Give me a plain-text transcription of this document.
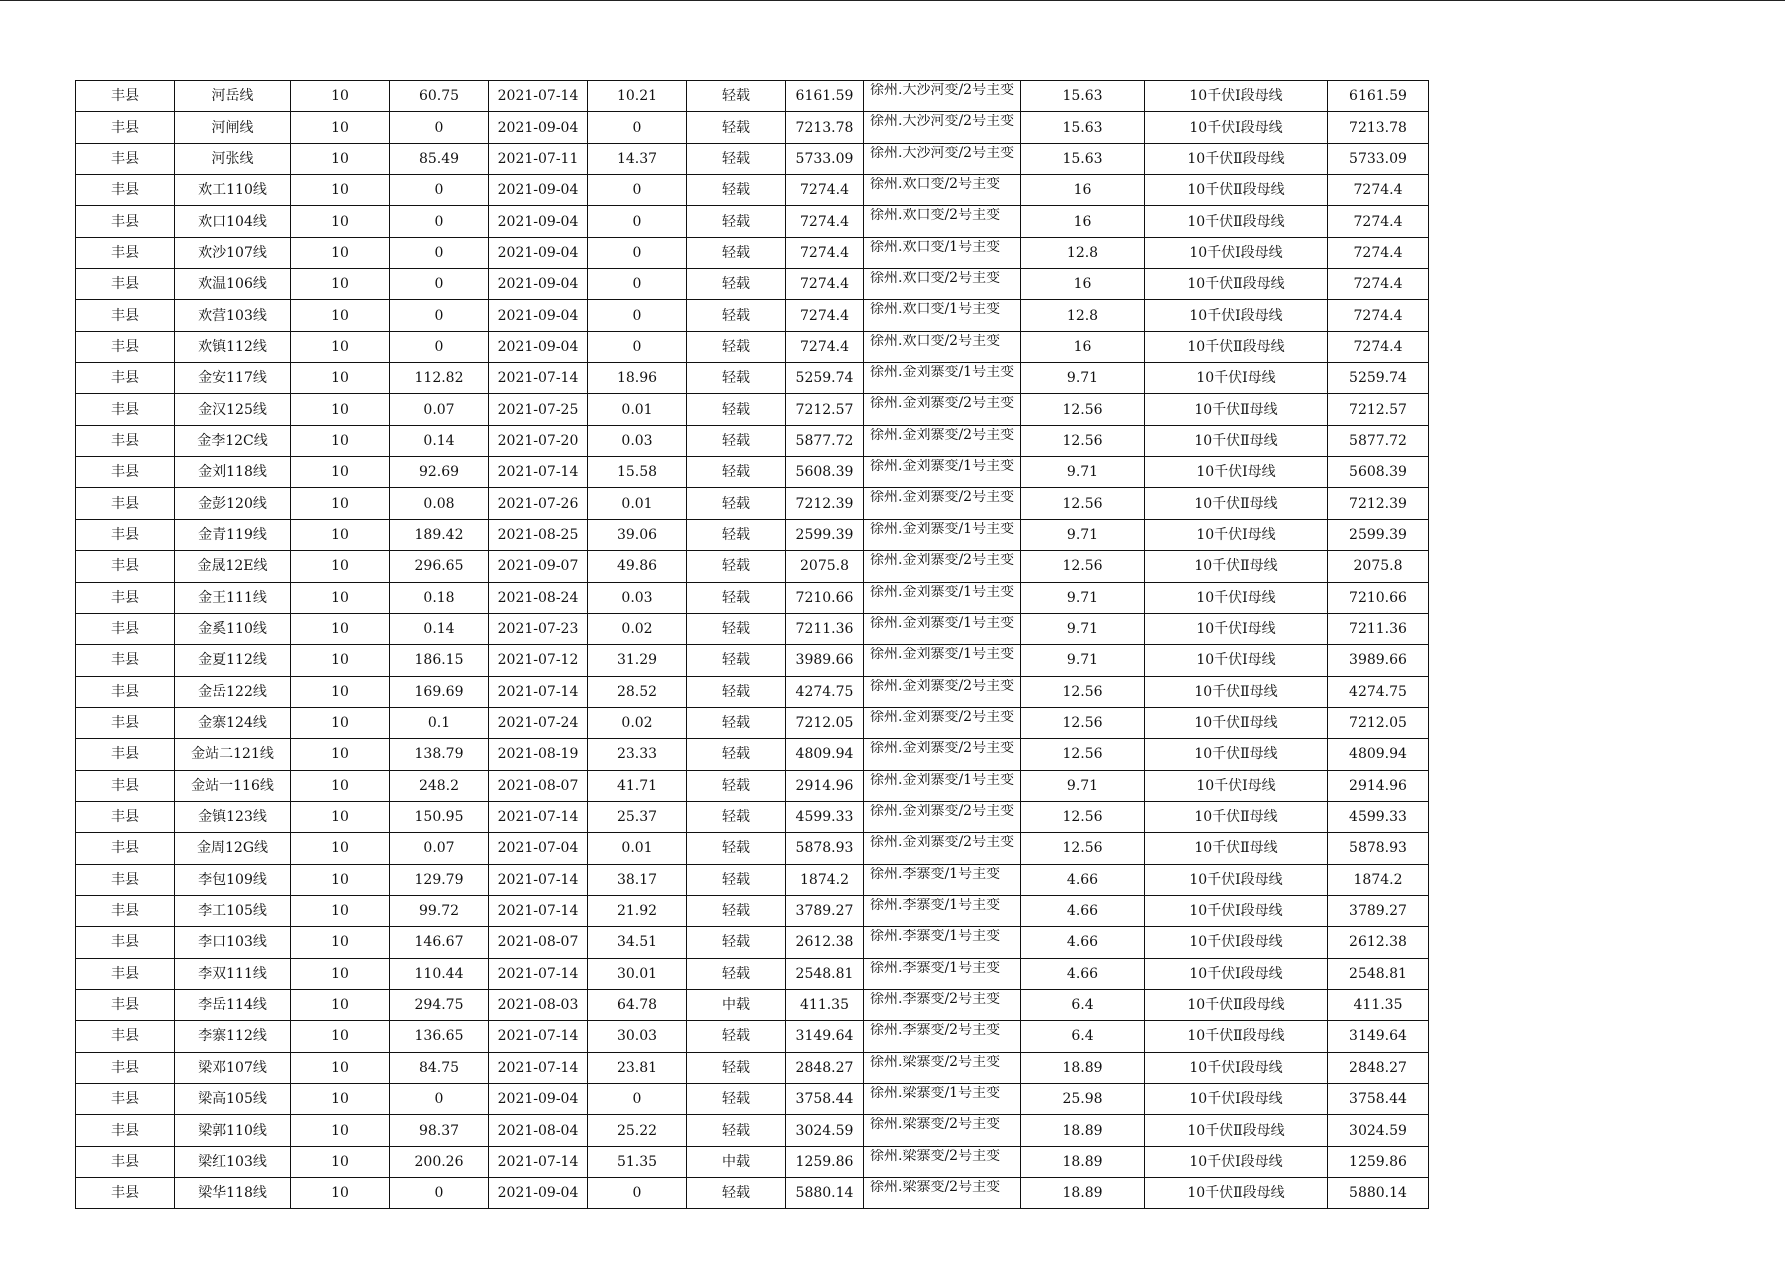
丰县	河岳线	10	60.75	2021-07-14	10.21	轻载	6161.59	徐州.大沙河变/2号主变	15.63	10千伏Ⅰ段母线	6161.59
丰县	河闸线	10	0	2021-09-04	0	轻载	7213.78	徐州.大沙河变/2号主变	15.63	10千伏Ⅰ段母线	7213.78
丰县	河张线	10	85.49	2021-07-11	14.37	轻载	5733.09	徐州.大沙河变/2号主变	15.63	10千伏Ⅱ段母线	5733.09
丰县	欢工110线	10	0	2021-09-04	0	轻载	7274.4	徐州.欢口变/2号主变	16	10千伏Ⅱ段母线	7274.4
丰县	欢口104线	10	0	2021-09-04	0	轻载	7274.4	徐州.欢口变/2号主变	16	10千伏Ⅱ段母线	7274.4
丰县	欢沙107线	10	0	2021-09-04	0	轻载	7274.4	徐州.欢口变/1号主变	12.8	10千伏Ⅰ段母线	7274.4
丰县	欢温106线	10	0	2021-09-04	0	轻载	7274.4	徐州.欢口变/2号主变	16	10千伏Ⅱ段母线	7274.4
丰县	欢营103线	10	0	2021-09-04	0	轻载	7274.4	徐州.欢口变/1号主变	12.8	10千伏Ⅰ段母线	7274.4
丰县	欢镇112线	10	0	2021-09-04	0	轻载	7274.4	徐州.欢口变/2号主变	16	10千伏Ⅱ段母线	7274.4
丰县	金安117线	10	112.82	2021-07-14	18.96	轻载	5259.74	徐州.金刘寨变/1号主变	9.71	10千伏Ⅰ母线	5259.74
丰县	金汉125线	10	0.07	2021-07-25	0.01	轻载	7212.57	徐州.金刘寨变/2号主变	12.56	10千伏Ⅱ母线	7212.57
丰县	金李12C线	10	0.14	2021-07-20	0.03	轻载	5877.72	徐州.金刘寨变/2号主变	12.56	10千伏Ⅱ母线	5877.72
丰县	金刘118线	10	92.69	2021-07-14	15.58	轻载	5608.39	徐州.金刘寨变/1号主变	9.71	10千伏Ⅰ母线	5608.39
丰县	金彭120线	10	0.08	2021-07-26	0.01	轻载	7212.39	徐州.金刘寨变/2号主变	12.56	10千伏Ⅱ母线	7212.39
丰县	金青119线	10	189.42	2021-08-25	39.06	轻载	2599.39	徐州.金刘寨变/1号主变	9.71	10千伏Ⅰ母线	2599.39
丰县	金晟12E线	10	296.65	2021-09-07	49.86	轻载	2075.8	徐州.金刘寨变/2号主变	12.56	10千伏Ⅱ母线	2075.8
丰县	金王111线	10	0.18	2021-08-24	0.03	轻载	7210.66	徐州.金刘寨变/1号主变	9.71	10千伏Ⅰ母线	7210.66
丰县	金奚110线	10	0.14	2021-07-23	0.02	轻载	7211.36	徐州.金刘寨变/1号主变	9.71	10千伏Ⅰ母线	7211.36
丰县	金夏112线	10	186.15	2021-07-12	31.29	轻载	3989.66	徐州.金刘寨变/1号主变	9.71	10千伏Ⅰ母线	3989.66
丰县	金岳122线	10	169.69	2021-07-14	28.52	轻载	4274.75	徐州.金刘寨变/2号主变	12.56	10千伏Ⅱ母线	4274.75
丰县	金寨124线	10	0.1	2021-07-24	0.02	轻载	7212.05	徐州.金刘寨变/2号主变	12.56	10千伏Ⅱ母线	7212.05
丰县	金站二121线	10	138.79	2021-08-19	23.33	轻载	4809.94	徐州.金刘寨变/2号主变	12.56	10千伏Ⅱ母线	4809.94
丰县	金站一116线	10	248.2	2021-08-07	41.71	轻载	2914.96	徐州.金刘寨变/1号主变	9.71	10千伏Ⅰ母线	2914.96
丰县	金镇123线	10	150.95	2021-07-14	25.37	轻载	4599.33	徐州.金刘寨变/2号主变	12.56	10千伏Ⅱ母线	4599.33
丰县	金周12G线	10	0.07	2021-07-04	0.01	轻载	5878.93	徐州.金刘寨变/2号主变	12.56	10千伏Ⅱ母线	5878.93
丰县	李包109线	10	129.79	2021-07-14	38.17	轻载	1874.2	徐州.李寨变/1号主变	4.66	10千伏Ⅰ段母线	1874.2
丰县	李工105线	10	99.72	2021-07-14	21.92	轻载	3789.27	徐州.李寨变/1号主变	4.66	10千伏Ⅰ段母线	3789.27
丰县	李口103线	10	146.67	2021-08-07	34.51	轻载	2612.38	徐州.李寨变/1号主变	4.66	10千伏Ⅰ段母线	2612.38
丰县	李双111线	10	110.44	2021-07-14	30.01	轻载	2548.81	徐州.李寨变/1号主变	4.66	10千伏Ⅰ段母线	2548.81
丰县	李岳114线	10	294.75	2021-08-03	64.78	中载	411.35	徐州.李寨变/2号主变	6.4	10千伏Ⅱ段母线	411.35
丰县	李寨112线	10	136.65	2021-07-14	30.03	轻载	3149.64	徐州.李寨变/2号主变	6.4	10千伏Ⅱ段母线	3149.64
丰县	梁邓107线	10	84.75	2021-07-14	23.81	轻载	2848.27	徐州.梁寨变/2号主变	18.89	10千伏Ⅰ段母线	2848.27
丰县	梁高105线	10	0	2021-09-04	0	轻载	3758.44	徐州.梁寨变/1号主变	25.98	10千伏Ⅰ段母线	3758.44
丰县	梁郭110线	10	98.37	2021-08-04	25.22	轻载	3024.59	徐州.梁寨变/2号主变	18.89	10千伏Ⅱ段母线	3024.59
丰县	梁红103线	10	200.26	2021-07-14	51.35	中载	1259.86	徐州.梁寨变/2号主变	18.89	10千伏Ⅰ段母线	1259.86
丰县	梁华118线	10	0	2021-09-04	0	轻载	5880.14	徐州.梁寨变/2号主变	18.89	10千伏Ⅱ段母线	5880.14
